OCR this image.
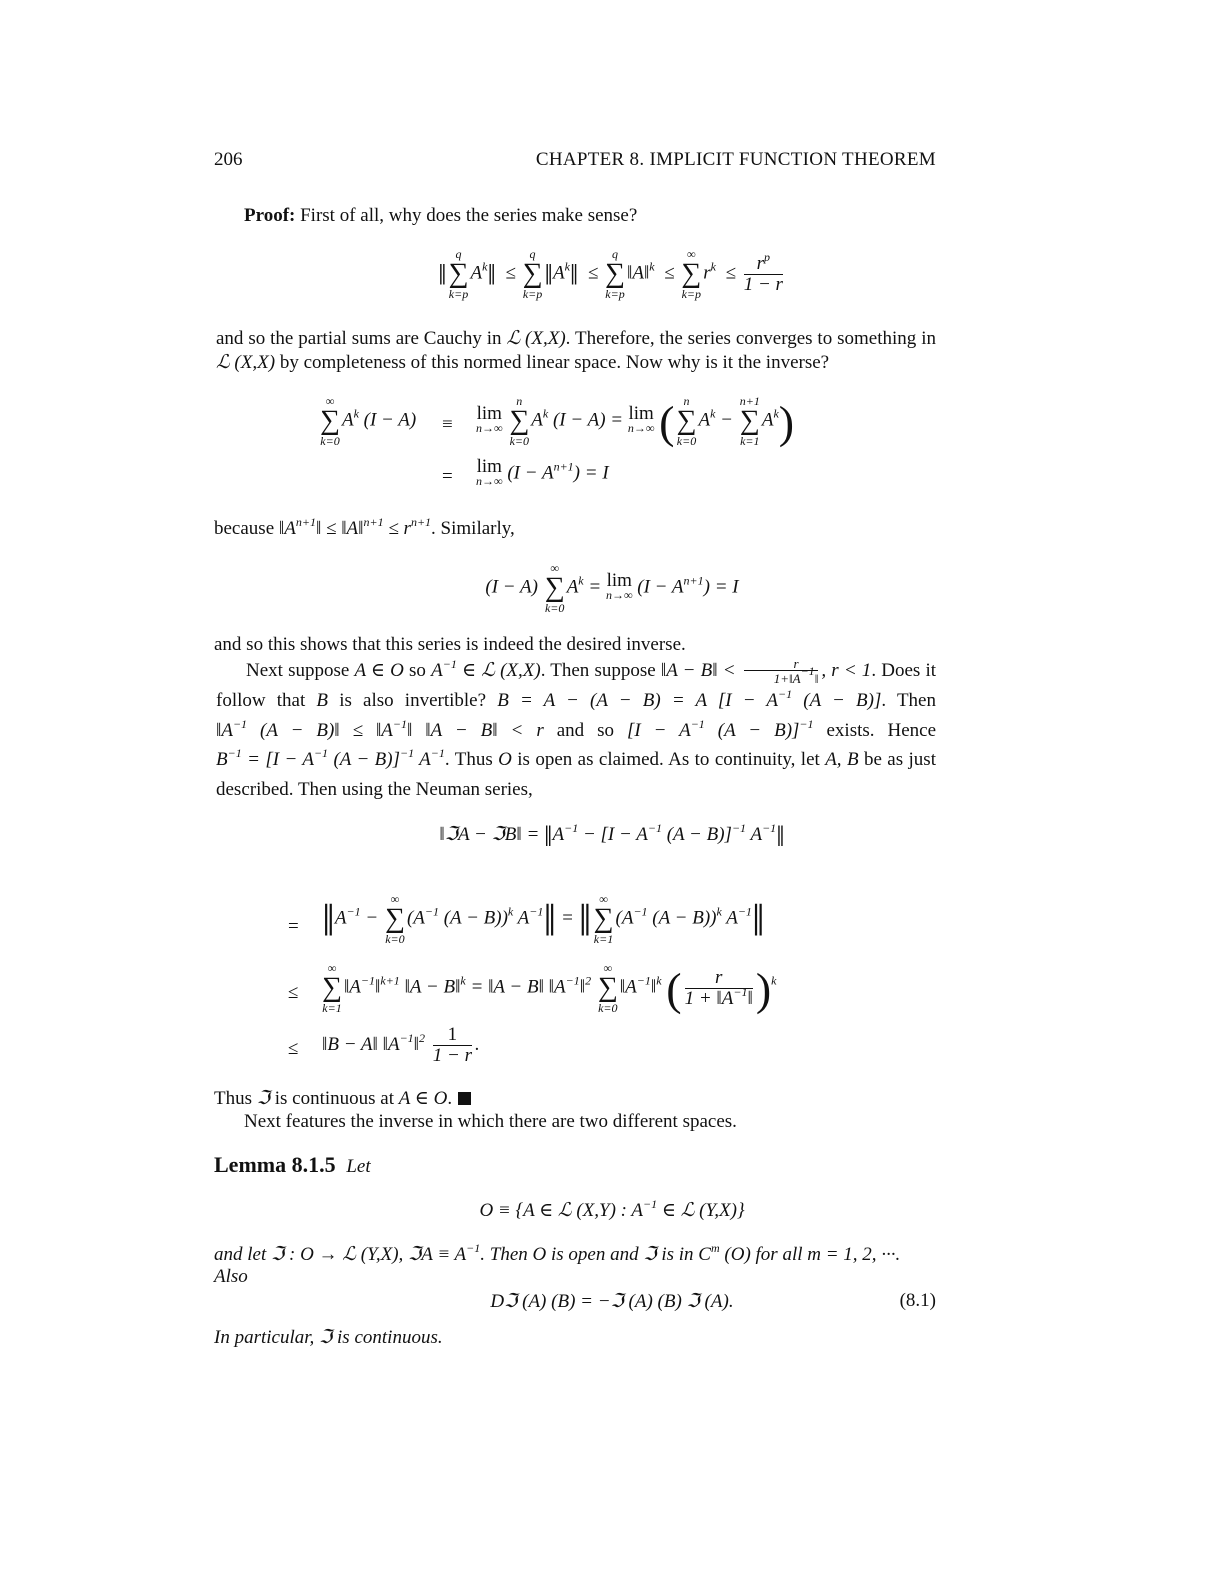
206	CHAPTER 8. IMPLICIT FUNCTION THEOREM
Proof: First of all, why does the series make sense?
‖
q
∑
k=p
$A^k‖$  ≤
q
∑
k=p
$‖A^k‖$  ≤
q
∑
k=p
‖A‖$^k$  ≤
∞
∑
k=p
$r^k \le \frac{r^p}{1 - r}$
and so the partial sums are Cauchy in ℒ (X,X). Therefore, the series converges to something in ℒ (X,X) by completeness of this normed linear space. Now why is it the inverse?
∞
∑
k=0
$A^k$ (I − A) ≡
lim
n→∞

n
∑
k=0
$A^k$ (I − A) = lim
n→∞ ( n
∑
k=0
$A^k$ −
n+1
∑
k=1
$A^k$)
= lim
n→∞ $(I - A^{n+1}) = I$
because $‖A^{n+1}‖$ ≤ ‖A‖$^{n+1}$ ≤ $r^{n+1}$. Similarly,
(I − A)
∞
∑
k=0
$A^k = \lim$
n→∞ $(I - A^{n+1}) = I$
and so this shows that this series is indeed the desired inverse.
Next suppose A ∈ O so $A^{-1}$ ∈ ℒ (X,X). Then suppose ‖A − B‖ < $\frac{r}{1+‖A^{-1}‖}$ , r < 1. Does it follow that B is also invertible? B = A − (A − B) = A [$I - A^{-1}$ (A − B)]. Then $‖A^{-1}$ (A − B)‖ ≤ $‖A^{-1}‖$ ‖A − B‖ < r and so [$I - A^{-1}$ (A − B)]$^{-1}$ exists. Hence $B^{-1} = [I - A^{-1}$ (A − B)]$^{-1}$ $A^{-1}$. Thus O is open as claimed. As to continuity, let A, B be as just described. Then using the Neuman series,
‖ℑA − ℑB‖ = $‖A^{-1} - [I - A^{-1}$ (A − B)]$^{-1}$ $A^{-1}‖$
= $‖A^{-1}$ −
∞
∑
k=0
($A^{-1}$ (A − B))$^k$ $A^{-1}‖$ = ‖ ∞
∑
k=1
($A^{-1}$ (A − B))$^k$ $A^{-1}‖$
≤
∞
∑
k=1
$‖A^{-1}‖^{k+1}$ ‖A − B‖$^k$ = ‖A − B‖ $‖A^{-1}‖^2$
∞
∑
k=0
$‖A^{-1}‖^k$ ( $\frac{r}{1 + ‖A^{-1}‖} )^k$
≤ ‖B − A‖ $‖A^{-1}‖^2 \frac{1}{1 - r}$ .
Thus ℑ is continuous at A ∈ O.
Next features the inverse in which there are two different spaces.
Lemma 8.1.5 Let
O ≡ {A ∈ ℒ (X,Y) : $A^{-1}$ ∈ ℒ (Y,X)}
and let ℑ : O → ℒ (Y,X), ℑA ≡ $A^{-1}$. Then O is open and ℑ is in $C^m$ (O) for all m = 1, 2, ···.
Also
Dℑ (A) (B) = −ℑ (A) (B) ℑ (A).	(8.1)
In particular, ℑ is continuous.
